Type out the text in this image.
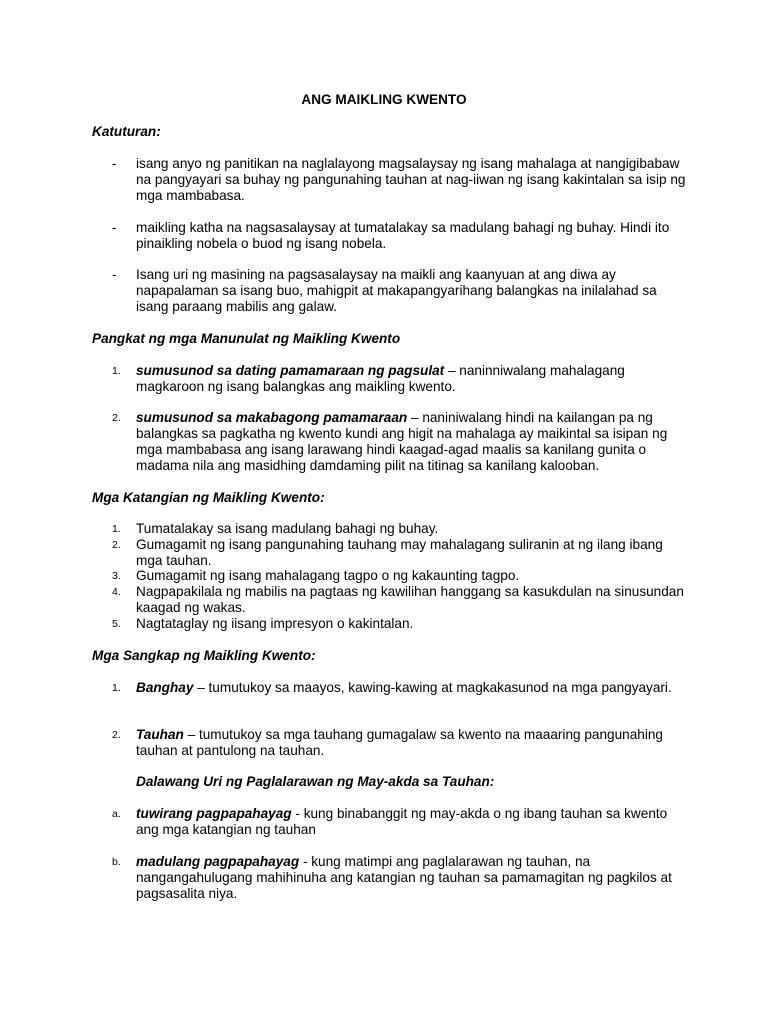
ANG MAIKLING KWENTO

Katuturan:

- isang anyo ng panitikan na naglalayong magsalaysay ng isang mahalaga at nangigibabaw na pangyayari sa buhay ng pangunahing tauhan at nag-iiwan ng isang kakintalan sa isip ng mga mambabasa.
- maikling katha na nagsasalaysay at tumatalakay sa madulang bahagi ng buhay. Hindi ito pinaikling nobela o buod ng isang nobela.
- Isang uri ng masining na pagsasalaysay na maikli ang kaanyuan at ang diwa ay napapalaman sa isang buo, mahigpit at makapangyarihang balangkas na inilalahad sa isang paraang mabilis ang galaw.

Pangkat ng mga Manunulat ng Maikling Kwento

1. sumusunod sa dating pamamaraan ng pagsulat – naninniwalang mahalagang magkaroon ng isang balangkas ang maikling kwento.
2. sumusunod sa makabagong pamamaraan – naniniwalang hindi na kailangan pa ng balangkas sa pagkatha ng kwento kundi ang higit na mahalaga ay maikintal sa isipan ng mga mambabasa ang isang larawang hindi kaagad-agad maalis sa kanilang gunita o madama nila ang masidhing damdaming pilit na titinag sa kanilang kalooban.

Mga Katangian ng Maikling Kwento:

1. Tumatalakay sa isang madulang bahagi ng buhay.
2. Gumagamit ng isang pangunahing tauhang may mahalagang suliranin at ng ilang ibang mga tauhan.
3. Gumagamit ng isang mahalagang tagpo o ng kakaunting tagpo.
4. Nagpapakilala ng mabilis na pagtaas ng kawilihan hanggang sa kasukdulan na sinusundan kaagad ng wakas.
5. Nagtataglay ng iisang impresyon o kakintalan.

Mga Sangkap ng Maikling Kwento:

1. Banghay – tumutukoy sa maayos, kawing-kawing at magkakasunod na mga pangyayari.
2. Tauhan – tumutukoy sa mga tauhang gumagalaw sa kwento na maaaring pangunahing tauhan at pantulong na tauhan.

Dalawang Uri ng Paglalarawan ng May-akda sa Tauhan:

a. tuwirang pagpapahayag - kung binabanggit ng may-akda o ng ibang tauhan sa kwento ang mga katangian ng tauhan
b. madulang pagpapahayag - kung matimpi ang paglalarawan ng tauhan, na nangangahulugang mahihinuha ang katangian ng tauhan sa pamamagitan ng pagkilos at pagsasalita niya.
